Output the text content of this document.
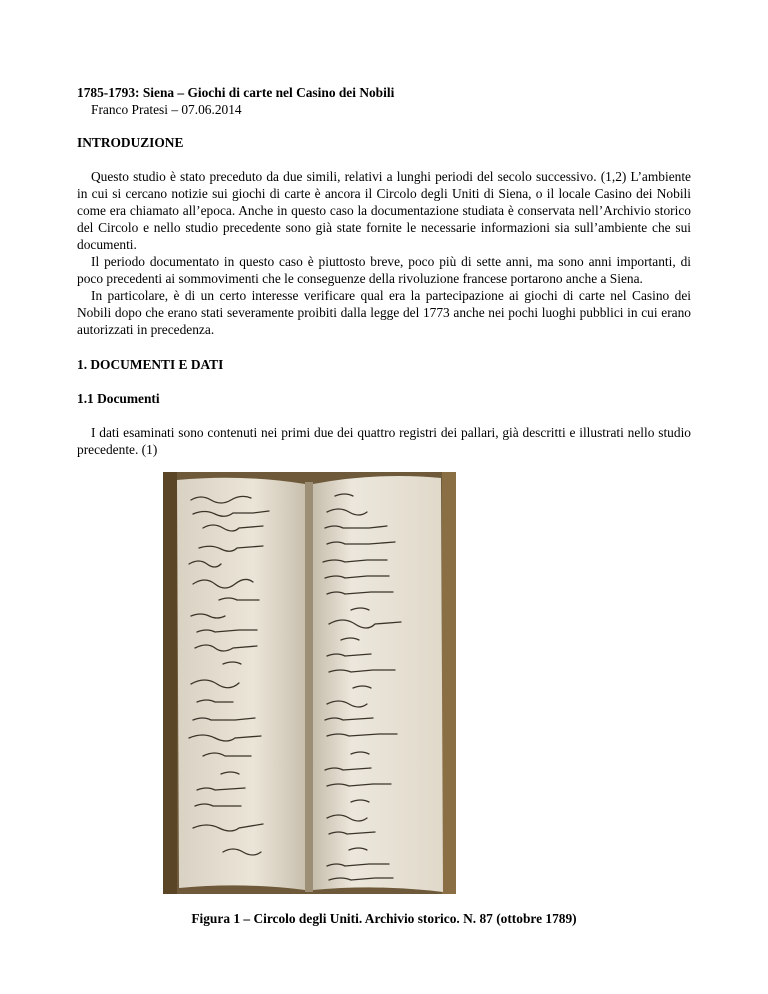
1785-1793: Siena – Giochi di carte nel Casino dei Nobili

Franco Pratesi – 07.06.2014

INTRODUZIONE

Questo studio è stato preceduto da due simili, relativi a lunghi periodi del secolo successivo. (1,2) L’ambiente in cui si cercano notizie sui giochi di carte è ancora il Circolo degli Uniti di Siena, o il locale Casino dei Nobili come era chiamato all’epoca. Anche in questo caso la documentazione studiata è conservata nell’Archivio storico del Circolo e nello studio precedente sono già state fornite le necessarie informazioni sia sull’ambiente che sui documenti.

Il periodo documentato in questo caso è piuttosto breve, poco più di sette anni, ma sono anni importanti, di poco precedenti ai sommovimenti che le conseguenze della rivoluzione francese portarono anche a Siena.

In particolare, è di un certo interesse verificare qual era la partecipazione ai giochi di carte nel Casino dei Nobili dopo che erano stati severamente proibiti dalla legge del 1773 anche nei pochi luoghi pubblici in cui erano autorizzati in precedenza.

1. DOCUMENTI E DATI

1.1 Documenti

I dati esaminati sono contenuti nei primi due dei quattro registri dei pallari, già descritti e illustrati nello studio precedente. (1)

Figura 1 – Circolo degli Uniti. Archivio storico. N. 87 (ottobre 1789)
